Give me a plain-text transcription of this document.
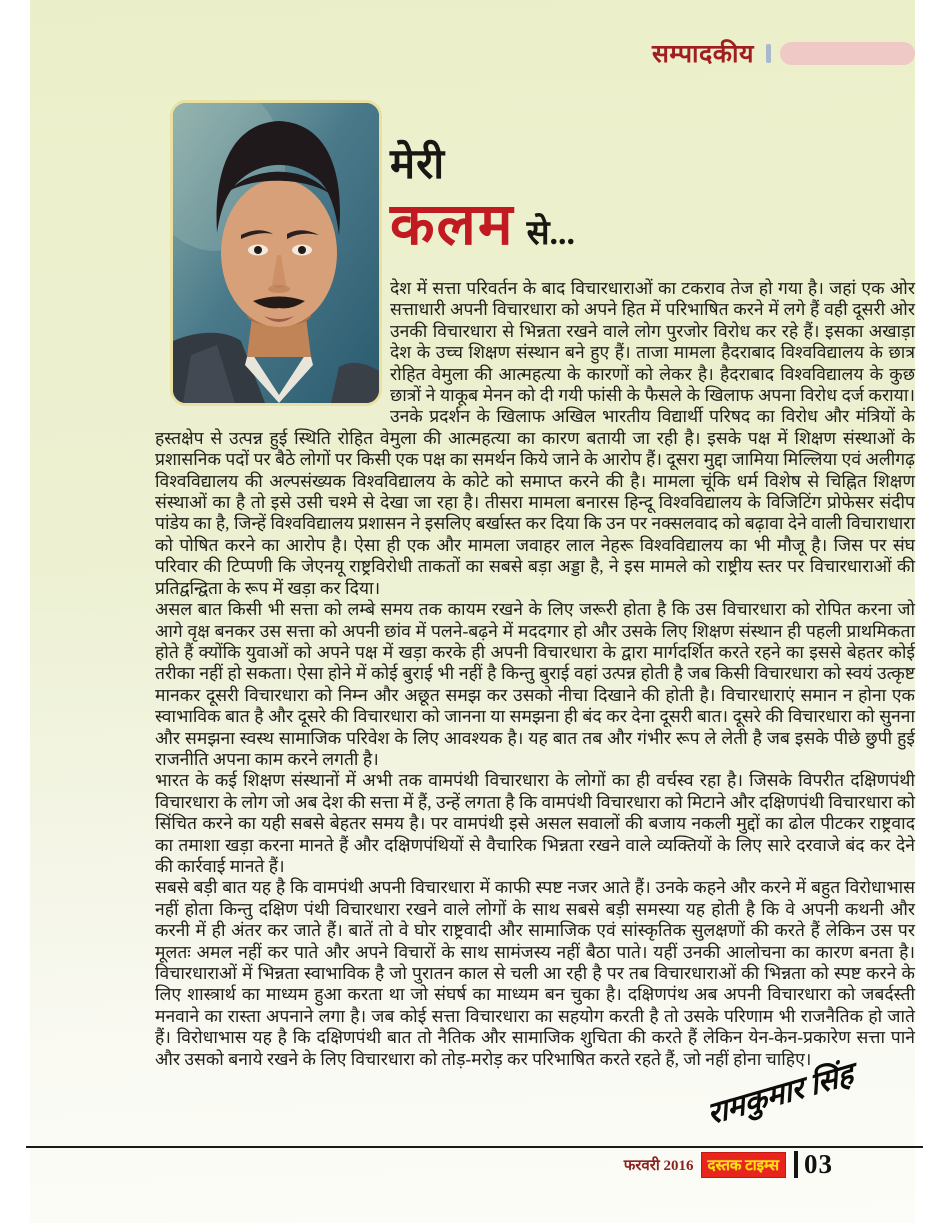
सम्पादकीय
मेरी
कलम से...

देश में सत्ता परिवर्तन के बाद विचारधाराओं का टकराव तेज हो गया है। जहां एक ओर सत्ताधारी अपनी विचारधारा को अपने हित में परिभाषित करने में लगे हैं वही दूसरी ओर उनकी विचारधारा से भिन्नता रखने वाले लोग पुरजोर विरोध कर रहे हैं। इसका अखाड़ा देश के उच्च शिक्षण संस्थान बने हुए हैं। ताजा मामला हैदराबाद विश्वविद्यालय के छात्र रोहित वेमुला की आत्महत्या के कारणों को लेकर है। हैदराबाद विश्वविद्यालय के कुछ छात्रों ने याकूब मेनन को दी गयी फांसी के फैसले के खिलाफ अपना विरोध दर्ज कराया। उनके प्रदर्शन के खिलाफ अखिल भारतीय विद्यार्थी परिषद का विरोध और मंत्रियों के हस्तक्षेप से उत्पन्न हुई स्थिति रोहित वेमुला की आत्महत्या का कारण बतायी जा रही है। इसके पक्ष में शिक्षण संस्थाओं के प्रशासनिक पदों पर बैठे लोगों पर किसी एक पक्ष का समर्थन किये जाने के आरोप हैं। दूसरा मुद्दा जामिया मिल्लिया एवं अलीगढ़ विश्वविद्यालय की अल्पसंख्यक विश्वविद्यालय के कोटे को समाप्त करने की है। मामला चूंकि धर्म विशेष से चिह्नित शिक्षण संस्थाओं का है तो इसे उसी चश्मे से देखा जा रहा है। तीसरा मामला बनारस हिन्दू विश्वविद्यालय के विजिटिंग प्रोफेसर संदीप पांडेय का है, जिन्हें विश्वविद्यालय प्रशासन ने इसलिए बर्खास्त कर दिया कि उन पर नक्सलवाद को बढ़ावा देने वाली विचाराधारा को पोषित करने का आरोप है। ऐसा ही एक और मामला जवाहर लाल नेहरू विश्वविद्यालय का भी मौजू है। जिस पर संघ परिवार की टिप्पणी कि जेएनयू राष्ट्रविरोधी ताकतों का सबसे बड़ा अड्डा है, ने इस मामले को राष्ट्रीय स्तर पर विचारधाराओं की प्रतिद्वन्द्विता के रूप में खड़ा कर दिया।

असल बात किसी भी सत्ता को लम्बे समय तक कायम रखने के लिए जरूरी होता है कि उस विचारधारा को रोपित करना जो आगे वृक्ष बनकर उस सत्ता को अपनी छांव में पलने-बढ़ने में मददगार हो और उसके लिए शिक्षण संस्थान ही पहली प्राथमिकता होते हैं क्योंकि युवाओं को अपने पक्ष में खड़ा करके ही अपनी विचारधारा के द्वारा मार्गदर्शित करते रहने का इससे बेहतर कोई तरीका नहीं हो सकता। ऐसा होने में कोई बुराई भी नहीं है किन्तु बुराई वहां उत्पन्न होती है जब किसी विचारधारा को स्वयं उत्कृष्ट मानकर दूसरी विचारधारा को निम्न और अछूत समझ कर उसको नीचा दिखाने की होती है। विचारधाराएं समान न होना एक स्वाभाविक बात है और दूसरे की विचारधारा को जानना या समझना ही बंद कर देना दूसरी बात। दूसरे की विचारधारा को सुनना और समझना स्वस्थ सामाजिक परिवेश के लिए आवश्यक है। यह बात तब और गंभीर रूप ले लेती है जब इसके पीछे छुपी हुई राजनीति अपना काम करने लगती है।

भारत के कई शिक्षण संस्थानों में अभी तक वामपंथी विचारधारा के लोगों का ही वर्चस्व रहा है। जिसके विपरीत दक्षिणपंथी विचारधारा के लोग जो अब देश की सत्ता में हैं, उन्हें लगता है कि वामपंथी विचारधारा को मिटाने और दक्षिणपंथी विचारधारा को सिंचित करने का यही सबसे बेहतर समय है। पर वामपंथी इसे असल सवालों की बजाय नकली मुद्दों का ढोल पीटकर राष्ट्रवाद का तमाशा खड़ा करना मानते हैं और दक्षिणपंथियों से वैचारिक भिन्नता रखने वाले व्यक्तियों के लिए सारे दरवाजे बंद कर देने की कार्रवाई मानते हैं।

सबसे बड़ी बात यह है कि वामपंथी अपनी विचारधारा में काफी स्पष्ट नजर आते हैं। उनके कहने और करने में बहुत विरोधाभास नहीं होता किन्तु दक्षिण पंथी विचारधारा रखने वाले लोगों के साथ सबसे बड़ी समस्या यह होती है कि वे अपनी कथनी और करनी में ही अंतर कर जाते हैं। बातें तो वे घोर राष्ट्रवादी और सामाजिक एवं सांस्कृतिक सुलक्षणों की करते हैं लेकिन उस पर मूलतः अमल नहीं कर पाते और अपने विचारों के साथ सामंजस्य नहीं बैठा पाते। यहीं उनकी आलोचना का कारण बनता है। विचारधाराओं में भिन्नता स्वाभाविक है जो पुरातन काल से चली आ रही है पर तब विचारधाराओं की भिन्नता को स्पष्ट करने के लिए शास्त्रार्थ का माध्यम हुआ करता था जो संघर्ष का माध्यम बन चुका है। दक्षिणपंथ अब अपनी विचारधारा को जबर्दस्ती मनवाने का रास्ता अपनाने लगा है। जब कोई सत्ता विचारधारा का सहयोग करती है तो उसके परिणाम भी राजनैतिक हो जाते हैं। विरोधाभास यह है कि दक्षिणपंथी बात तो नैतिक और सामाजिक शुचिता की करते हैं लेकिन येन-केन-प्रकारेण सत्ता पाने और उसको बनाये रखने के लिए विचारधारा को तोड़-मरोड़ कर परिभाषित करते रहते हैं, जो नहीं होना चाहिए।

रामकुमार सिंह
फरवरी 2016 दस्तक टाइम्स 03
